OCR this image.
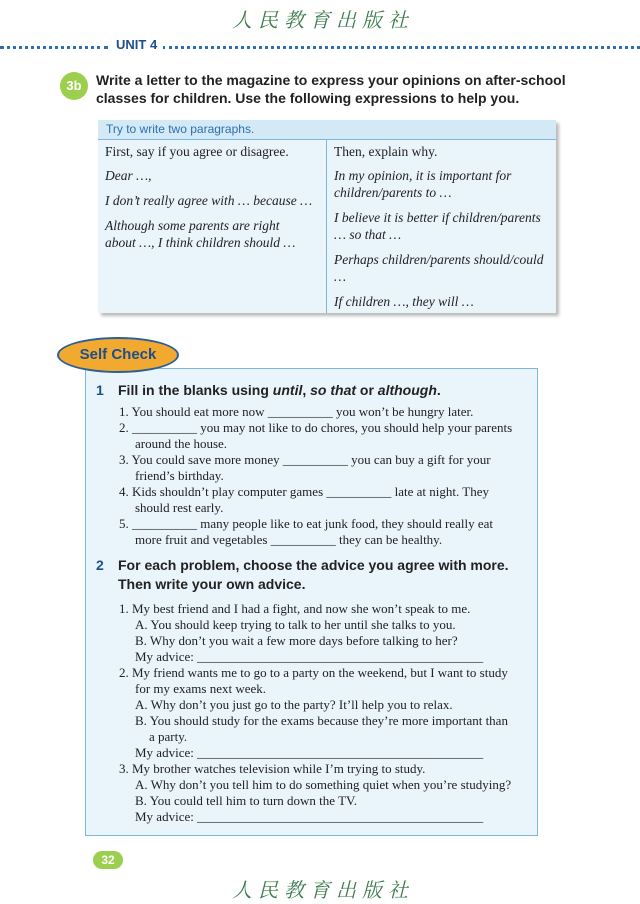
人民教育出版社
UNIT 4
3b	Write a letter to the magazine to express your opinions on after-school
classes for children. Use the following expressions to help you.
Try to write two paragraphs.
First, say if you agree or disagree.
Dear …,
I don’t really agree with … because …
Although some parents are right
about …, I think children should …
Then, explain why.
In my opinion, it is important for
children/parents to …
I believe it is better if children/parents
… so that …
Perhaps children/parents should/could
…
If children …, they will …
1 Fill in the blanks using until, so that or although.
1. You should eat more now __________ you won’t be hungry later.
2. __________ you may not like to do chores, you should help your parents
around the house.
3. You could save more money __________ you can buy a gift for your
friend’s birthday.
4. Kids shouldn’t play computer games __________ late at night. They
should rest early.
5. __________ many people like to eat junk food, they should really eat
more fruit and vegetables __________ they can be healthy.
2 For each problem, choose the advice you agree with more.
Then write your own advice.
1. My best friend and I had a fight, and now she won’t speak to me.
A. You should keep trying to talk to her until she talks to you.
B. Why don’t you wait a few more days before talking to her?
My advice: ____________________________________________
2. My friend wants me to go to a party on the weekend, but I want to study
for my exams next week.
A. Why don’t you just go to the party? It’ll help you to relax.
B. You should study for the exams because they’re more important than
a party.
My advice: ____________________________________________
3. My brother watches television while I’m trying to study.
A. Why don’t you tell him to do something quiet when you’re studying?
B. You could tell him to turn down the TV.
My advice: ____________________________________________
Self Check
32
人民教育出版社
